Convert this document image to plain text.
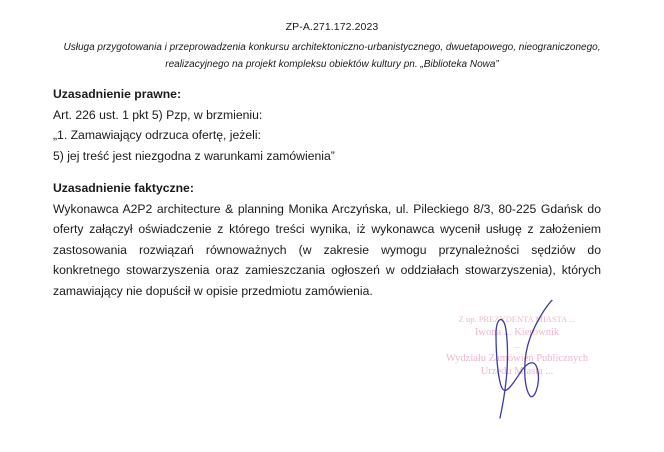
ZP-A.271.172.2023
Usługa przygotowania i przeprowadzenia konkursu architektoniczno-urbanistycznego, dwuetapowego, nieograniczonego, realizacyjnego na projekt kompleksu obiektów kultury pn. „Biblioteka Nowa”
Uzasadnienie prawne:
Art. 226 ust. 1 pkt 5) Pzp, w brzmieniu:
„1. Zamawiający odrzuca ofertę, jeżeli:
5) jej treść jest niezgodna z warunkami zamówienia”
Uzasadnienie faktyczne:
Wykonawca A2P2 architecture & planning Monika Arczyńska, ul. Pileckiego 8/3, 80-225 Gdańsk do oferty załączył oświadczenie z którego treści wynika, iż wykonawca wycenił usługę z założeniem zastosowania rozwiązań równoważnych (w zakresie wymogu przynależności sędziów do konkretnego stowarzyszenia oraz zamieszczania ogłoszeń w oddziałach stowarzyszenia), których zamawiający nie dopuścił w opisie przedmiotu zamówienia.
Z up. PREZYDENTA MIASTA ...
Iwona ... Kierownik
...
Wydziału Zamówień Publicznych
Urzędu Miasta ...
